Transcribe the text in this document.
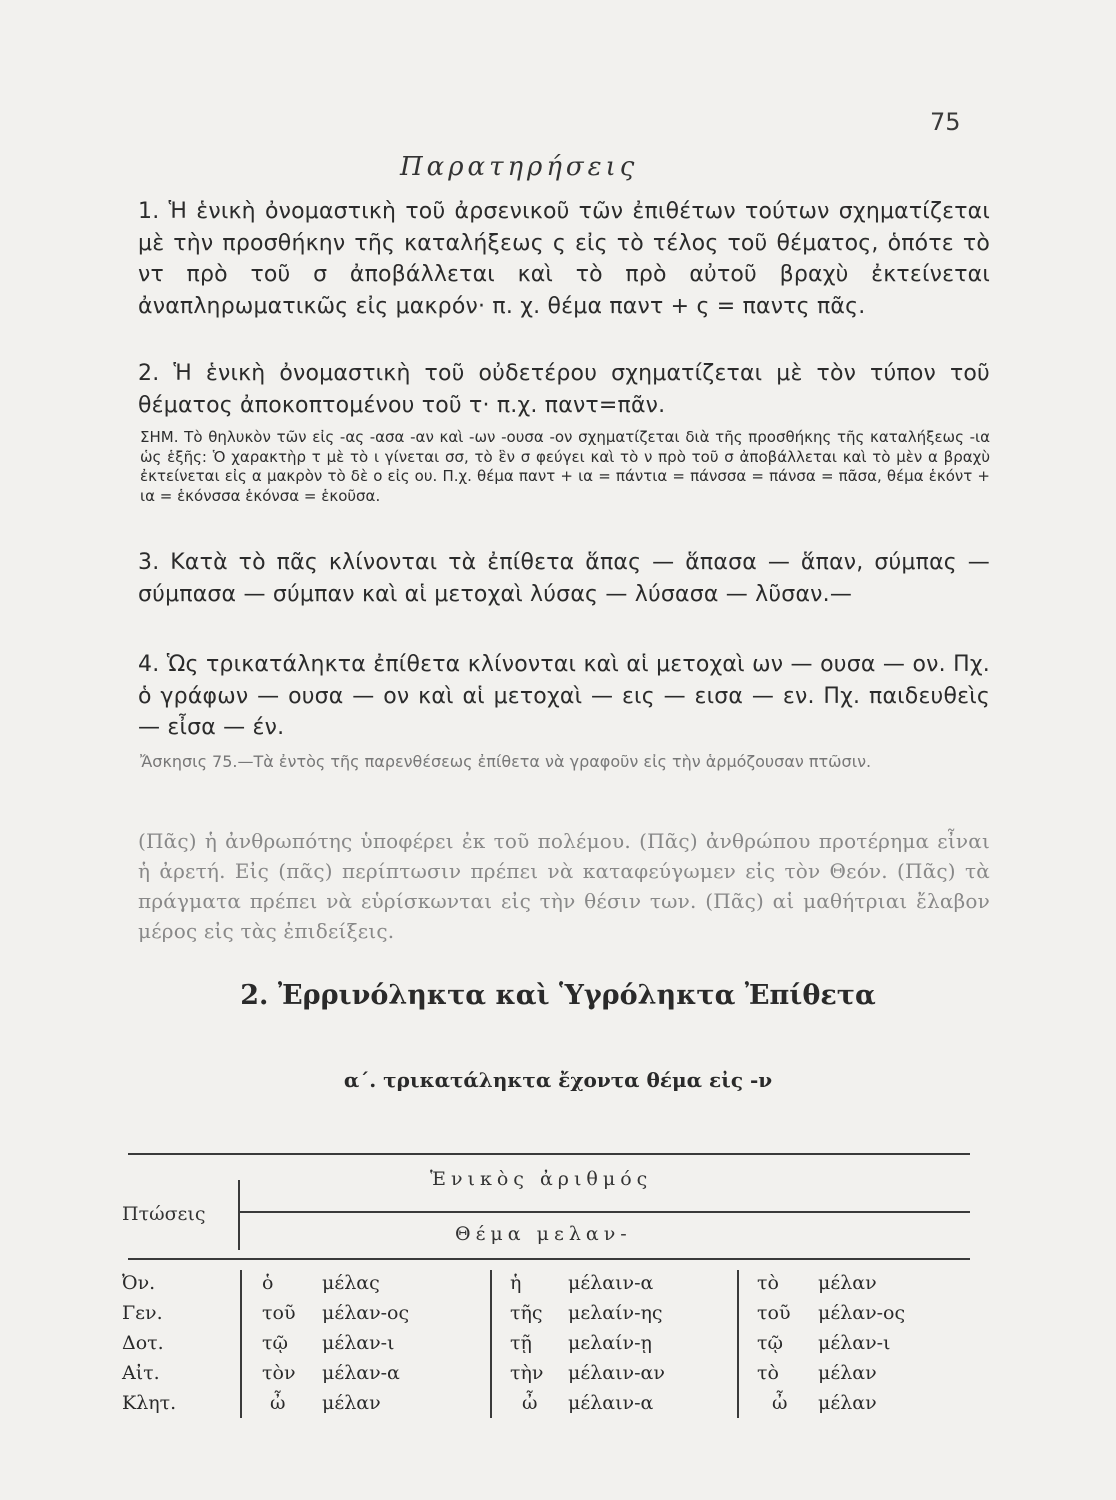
75
Παρατηρήσεις
1. Ἡ ἑνικὴ ὀνομαστικὴ τοῦ ἀρσενικοῦ τῶν ἐπιθέτων τούτων σχηματίζεται μὲ τὴν προσθήκην τῆς καταλήξεως ς εἰς τὸ τέλος τοῦ θέματος, ὁπότε τὸ ντ πρὸ τοῦ σ ἀποβάλλεται καὶ τὸ πρὸ αὐτοῦ βραχὺ ἐκτείνεται ἀναπληρωματικῶς εἰς μακρόν· π. χ. θέμα παντ + ς = παντς πᾶς.
2. Ἡ ἑνικὴ ὀνομαστικὴ τοῦ οὐδετέρου σχηματίζεται μὲ τὸν τύπον τοῦ θέματος ἀποκοπτομένου τοῦ τ· π.χ. παντ=πᾶν.
ΣΗΜ. Τὸ θηλυκὸν τῶν εἰς -ας -ασα -αν καὶ -ων -ουσα -ον σχηματίζεται διὰ τῆς προσθήκης τῆς καταλήξεως -ια ὡς ἑξῆς: Ὁ χαρακτὴρ τ μὲ τὸ ι γίνεται σσ, τὸ ἓν σ φεύγει καὶ τὸ ν πρὸ τοῦ σ ἀποβάλλεται καὶ τὸ μὲν α βραχὺ ἐκτείνεται εἰς α μακρὸν τὸ δὲ ο εἰς ου. Π.χ. θέμα παντ + ια = πάντια = πάνσσα = πάνσα = πᾶσα, θέμα ἑκόντ + ια = ἑκόνσσα ἑκόνσα = ἑκοῦσα.
3. Κατὰ τὸ πᾶς κλίνονται τὰ ἐπίθετα ἅπας — ἅπασα — ἅπαν, σύμπας — σύμπασα — σύμπαν καὶ αἱ μετοχαὶ λύσας — λύσασα — λῦσαν.—
4. Ὡς τρικατάληκτα ἐπίθετα κλίνονται καὶ αἱ μετοχαὶ ων — ουσα — ον. Πχ. ὁ γράφων — ουσα — ον καὶ αἱ μετοχαὶ — εις — εισα — εν. Πχ. παιδευθεὶς — εἶσα — έν.
Ἄσκησις 75.—Τὰ ἐντὸς τῆς παρενθέσεως ἐπίθετα νὰ γραφοῦν εἰς τὴν ἁρμόζουσαν πτῶσιν.
(Πᾶς) ἡ ἀνθρωπότης ὑποφέρει ἐκ τοῦ πολέμου. (Πᾶς) ἀνθρώπου προτέρημα εἶναι ἡ ἀρετή. Εἰς (πᾶς) περίπτωσιν πρέπει νὰ καταφεύγωμεν εἰς τὸν Θεόν. (Πᾶς) τὰ πράγματα πρέπει νὰ εὑρίσκωνται εἰς τὴν θέσιν των. (Πᾶς) αἱ μαθήτριαι ἔλαβον μέρος εἰς τὰς ἐπιδείξεις.
2. Ἐρρινόληκτα καὶ Ὑγρόληκτα Ἐπίθετα
α΄. τρικατάληκτα ἔχοντα θέμα εἰς -ν
Πτώσεις
Ἑνικὸς ἀριθμός
Θέμα μελαν-
Ὀν.	ὁ	μέλας	ἡ μέλαιν-α	τὸ μέλαν
Γεν.	τοῦ μέλαν-ος	τῆς μελαίν-ης	τοῦ μέλαν-ος
Δοτ.	τῷ μέλαν-ι	τῇ μελαίν-ῃ	τῷ μέλαν-ι
Αἰτ.	τὸν μέλαν-α	τὴν μέλαιν-αν	τὸ μέλαν
Κλητ.	ὦ μέλαν	ὦ μέλαιν-α	ὦ μέλαν
